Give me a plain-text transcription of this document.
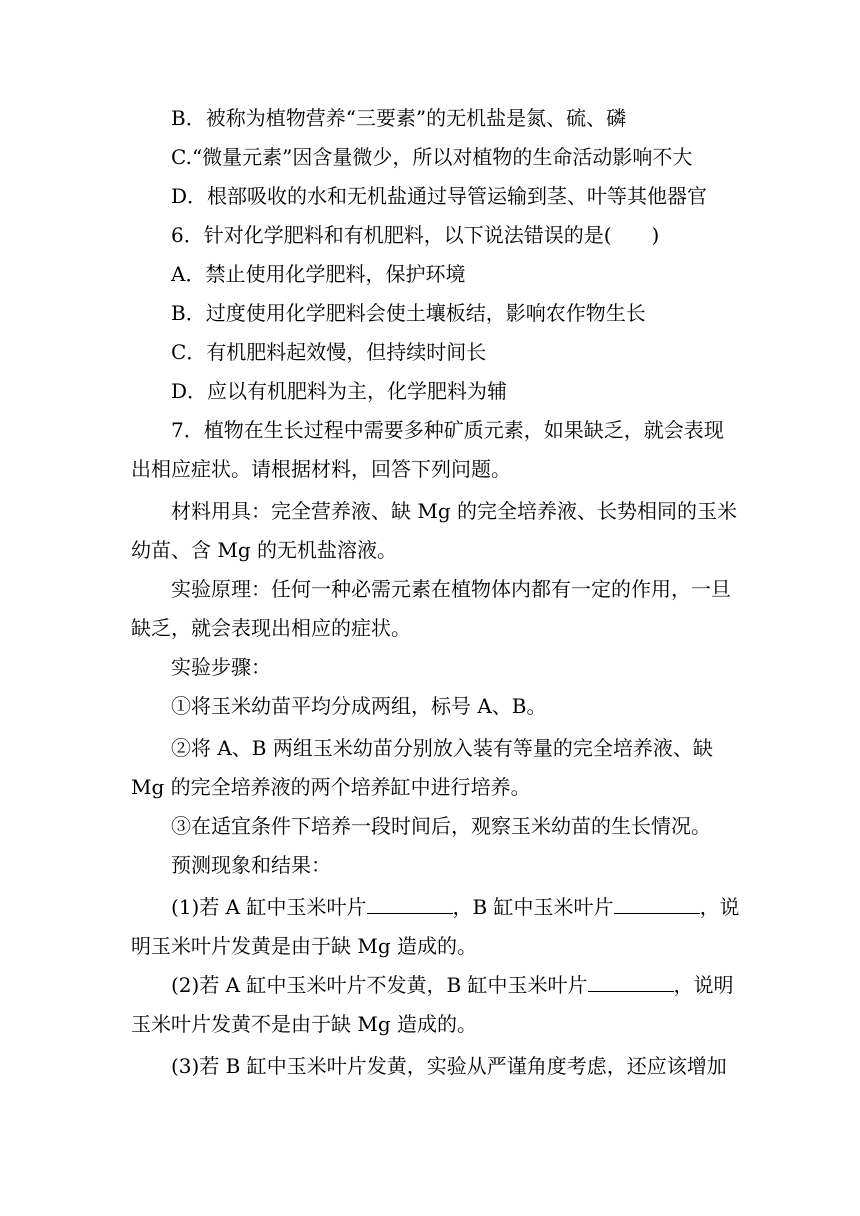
B．被称为植物营养“三要素”的无机盐是氮、硫、磷
C.“微量元素”因含量微少，所以对植物的生命活动影响不大
D．根部吸收的水和无机盐通过导管运输到茎、叶等其他器官
6．针对化学肥料和有机肥料，以下说法错误的是(　　)
A．禁止使用化学肥料，保护环境
B．过度使用化学肥料会使土壤板结，影响农作物生长
C．有机肥料起效慢，但持续时间长
D．应以有机肥料为主，化学肥料为辅
7．植物在生长过程中需要多种矿质元素，如果缺乏，就会表现
出相应症状。请根据材料，回答下列问题。
材料用具：完全营养液、缺 Mg 的完全培养液、长势相同的玉米
幼苗、含 Mg 的无机盐溶液。
实验原理：任何一种必需元素在植物体内都有一定的作用，一旦
缺乏，就会表现出相应的症状。
实验步骤：
①将玉米幼苗平均分成两组，标号 A、B。
②将 A、B 两组玉米幼苗分别放入装有等量的完全培养液、缺
Mg 的完全培养液的两个培养缸中进行培养。
③在适宜条件下培养一段时间后，观察玉米幼苗的生长情况。
预测现象和结果：
(1)若 A 缸中玉米叶片	，B 缸中玉米叶片	，说
明玉米叶片发黄是由于缺 Mg 造成的。
(2)若 A 缸中玉米叶片不发黄，B 缸中玉米叶片	，说明
玉米叶片发黄不是由于缺 Mg 造成的。
(3)若 B 缸中玉米叶片发黄，实验从严谨角度考虑，还应该增加
